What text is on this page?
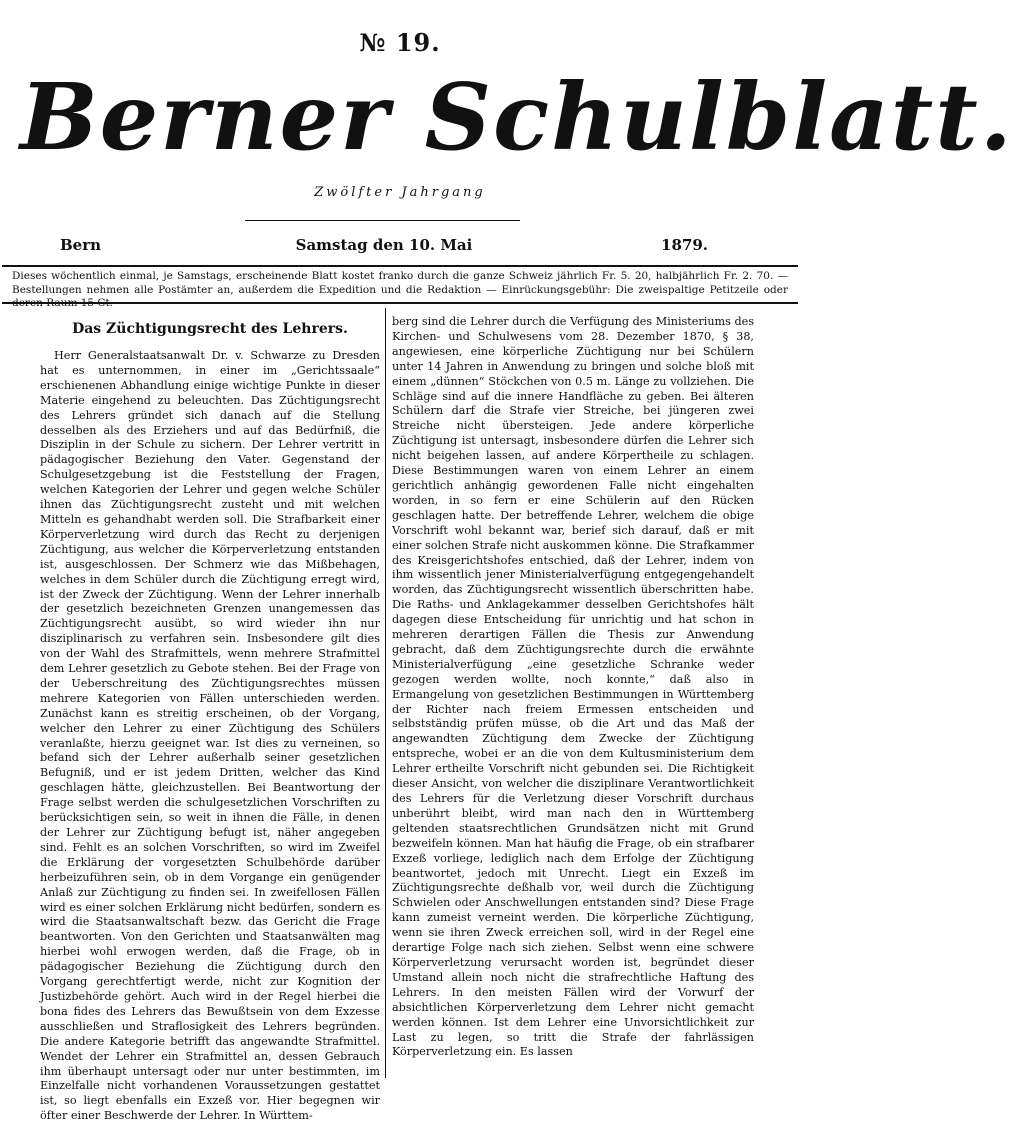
№ 19.
Berner Schulblatt.
Zwölfter Jahrgang
Bern	Samstag den 10. Mai	1879.
Dieses wöchentlich einmal, je Samstags, erscheinende Blatt kostet franko durch die ganze Schweiz jährlich Fr. 5. 20, halbjährlich Fr. 2. 70. — Bestellungen nehmen alle Postämter an, außerdem die Expedition und die Redaktion — Einrückungsgebühr: Die zweispaltige Petitzeile oder deren Raum 15 Ct.
Das Züchtigungsrecht des Lehrers.

Herr Generalstaatsanwalt Dr. v. Schwarze zu Dresden hat es unternommen, in einer im „Gerichtssaale“ erschienenen Abhandlung einige wichtige Punkte in dieser Materie eingehend zu beleuchten. Das Züchtigungsrecht des Lehrers gründet sich danach auf die Stellung desselben als des Erziehers und auf das Bedürfniß, die Disziplin in der Schule zu sichern. Der Lehrer vertritt in pädagogischer Beziehung den Vater. Gegenstand der Schulgesetzgebung ist die Feststellung der Fragen, welchen Kategorien der Lehrer und gegen welche Schüler ihnen das Züchtigungsrecht zusteht und mit welchen Mitteln es gehandhabt werden soll. Die Strafbarkeit einer Körperverletzung wird durch das Recht zu derjenigen Züchtigung, aus welcher die Körperverletzung entstanden ist, ausgeschlossen. Der Schmerz wie das Mißbehagen, welches in dem Schüler durch die Züchtigung erregt wird, ist der Zweck der Züchtigung. Wenn der Lehrer innerhalb der gesetzlich bezeichneten Grenzen unangemessen das Züchtigungsrecht ausübt, so wird wieder ihn nur disziplinarisch zu verfahren sein. Insbesondere gilt dies von der Wahl des Strafmittels, wenn mehrere Strafmittel dem Lehrer gesetzlich zu Gebote stehen. Bei der Frage von der Ueberschreitung des Züchtigungsrechtes müssen mehrere Kategorien von Fällen unterschieden werden. Zunächst kann es streitig erscheinen, ob der Vorgang, welcher den Lehrer zu einer Züchtigung des Schülers veranlaßte, hierzu geeignet war. Ist dies zu verneinen, so befand sich der Lehrer außerhalb seiner gesetzlichen Befugniß, und er ist jedem Dritten, welcher das Kind geschlagen hätte, gleichzustellen. Bei Beantwortung der Frage selbst werden die schulgesetzlichen Vorschriften zu berücksichtigen sein, so weit in ihnen die Fälle, in denen der Lehrer zur Züchtigung befugt ist, näher angegeben sind. Fehlt es an solchen Vorschriften, so wird im Zweifel die Erklärung der vorgesetzten Schulbehörde darüber herbeizuführen sein, ob in dem Vorgange ein genügender Anlaß zur Züchtigung zu finden sei. In zweifellosen Fällen wird es einer solchen Erklärung nicht bedürfen, sondern es wird die Staatsanwaltschaft bezw. das Gericht die Frage beantworten. Von den Gerichten und Staatsanwälten mag hierbei wohl erwogen werden, daß die Frage, ob in pädagogischer Beziehung die Züchtigung durch den Vorgang gerechtfertigt werde, nicht zur Kognition der Justizbehörde gehört. Auch wird in der Regel hierbei die bona fides des Lehrers das Bewußtsein von dem Exzesse ausschließen und Straflosigkeit des Lehrers begründen. Die andere Kategorie betrifft das angewandte Strafmittel. Wendet der Lehrer ein Strafmittel an, dessen Gebrauch ihm überhaupt untersagt oder nur unter bestimmten, im Einzelfalle nicht vorhandenen Voraussetzungen gestattet ist, so liegt ebenfalls ein Exzeß vor. Hier begegnen wir öfter einer Beschwerde der Lehrer. In Württem-

berg sind die Lehrer durch die Verfügung des Ministeriums des Kirchen- und Schulwesens vom 28. Dezember 1870, § 38, angewiesen, eine körperliche Züchtigung nur bei Schülern unter 14 Jahren in Anwendung zu bringen und solche bloß mit einem „dünnen“ Stöckchen von 0.5 m. Länge zu vollziehen. Die Schläge sind auf die innere Handfläche zu geben. Bei älteren Schülern darf die Strafe vier Streiche, bei jüngeren zwei Streiche nicht übersteigen. Jede andere körperliche Züchtigung ist untersagt, insbesondere dürfen die Lehrer sich nicht beigehen lassen, auf andere Körpertheile zu schlagen. Diese Bestimmungen waren von einem Lehrer an einem gerichtlich anhängig gewordenen Falle nicht eingehalten worden, in so fern er eine Schülerin auf den Rücken geschlagen hatte. Der betreffende Lehrer, welchem die obige Vorschrift wohl bekannt war, berief sich darauf, daß er mit einer solchen Strafe nicht auskommen könne. Die Strafkammer des Kreisgerichtshofes entschied, daß der Lehrer, indem von ihm wissentlich jener Ministerialverfügung entgegengehandelt worden, das Züchtigungsrecht wissentlich überschritten habe. Die Raths- und Anklagekammer desselben Gerichtshofes hält dagegen diese Entscheidung für unrichtig und hat schon in mehreren derartigen Fällen die Thesis zur Anwendung gebracht, daß dem Züchtigungsrechte durch die erwähnte Ministerialverfügung „eine gesetzliche Schranke weder gezogen werden wollte, noch konnte,“ daß also in Ermangelung von gesetzlichen Bestimmungen in Württemberg der Richter nach freiem Ermessen entscheiden und selbstständig prüfen müsse, ob die Art und das Maß der angewandten Züchtigung dem Zwecke der Züchtigung entspreche, wobei er an die von dem Kultusministerium dem Lehrer ertheilte Vorschrift nicht gebunden sei. Die Richtigkeit dieser Ansicht, von welcher die disziplinare Verantwortlichkeit des Lehrers für die Verletzung dieser Vorschrift durchaus unberührt bleibt, wird man nach den in Württemberg geltenden staatsrechtlichen Grundsätzen nicht mit Grund bezweifeln können. Man hat häufig die Frage, ob ein strafbarer Exzeß vorliege, lediglich nach dem Erfolge der Züchtigung beantwortet, jedoch mit Unrecht. Liegt ein Exzeß im Züchtigungsrechte deßhalb vor, weil durch die Züchtigung Schwielen oder Anschwellungen entstanden sind? Diese Frage kann zumeist verneint werden. Die körperliche Züchtigung, wenn sie ihren Zweck erreichen soll, wird in der Regel eine derartige Folge nach sich ziehen. Selbst wenn eine schwere Körperverletzung verursacht worden ist, begründet dieser Umstand allein noch nicht die strafrechtliche Haftung des Lehrers. In den meisten Fällen wird der Vorwurf der absichtlichen Körperverletzung dem Lehrer nicht gemacht werden können. Ist dem Lehrer eine Unvorsichtlichkeit zur Last zu legen, so tritt die Strafe der fahrlässigen Körperverletzung ein. Es lassen
